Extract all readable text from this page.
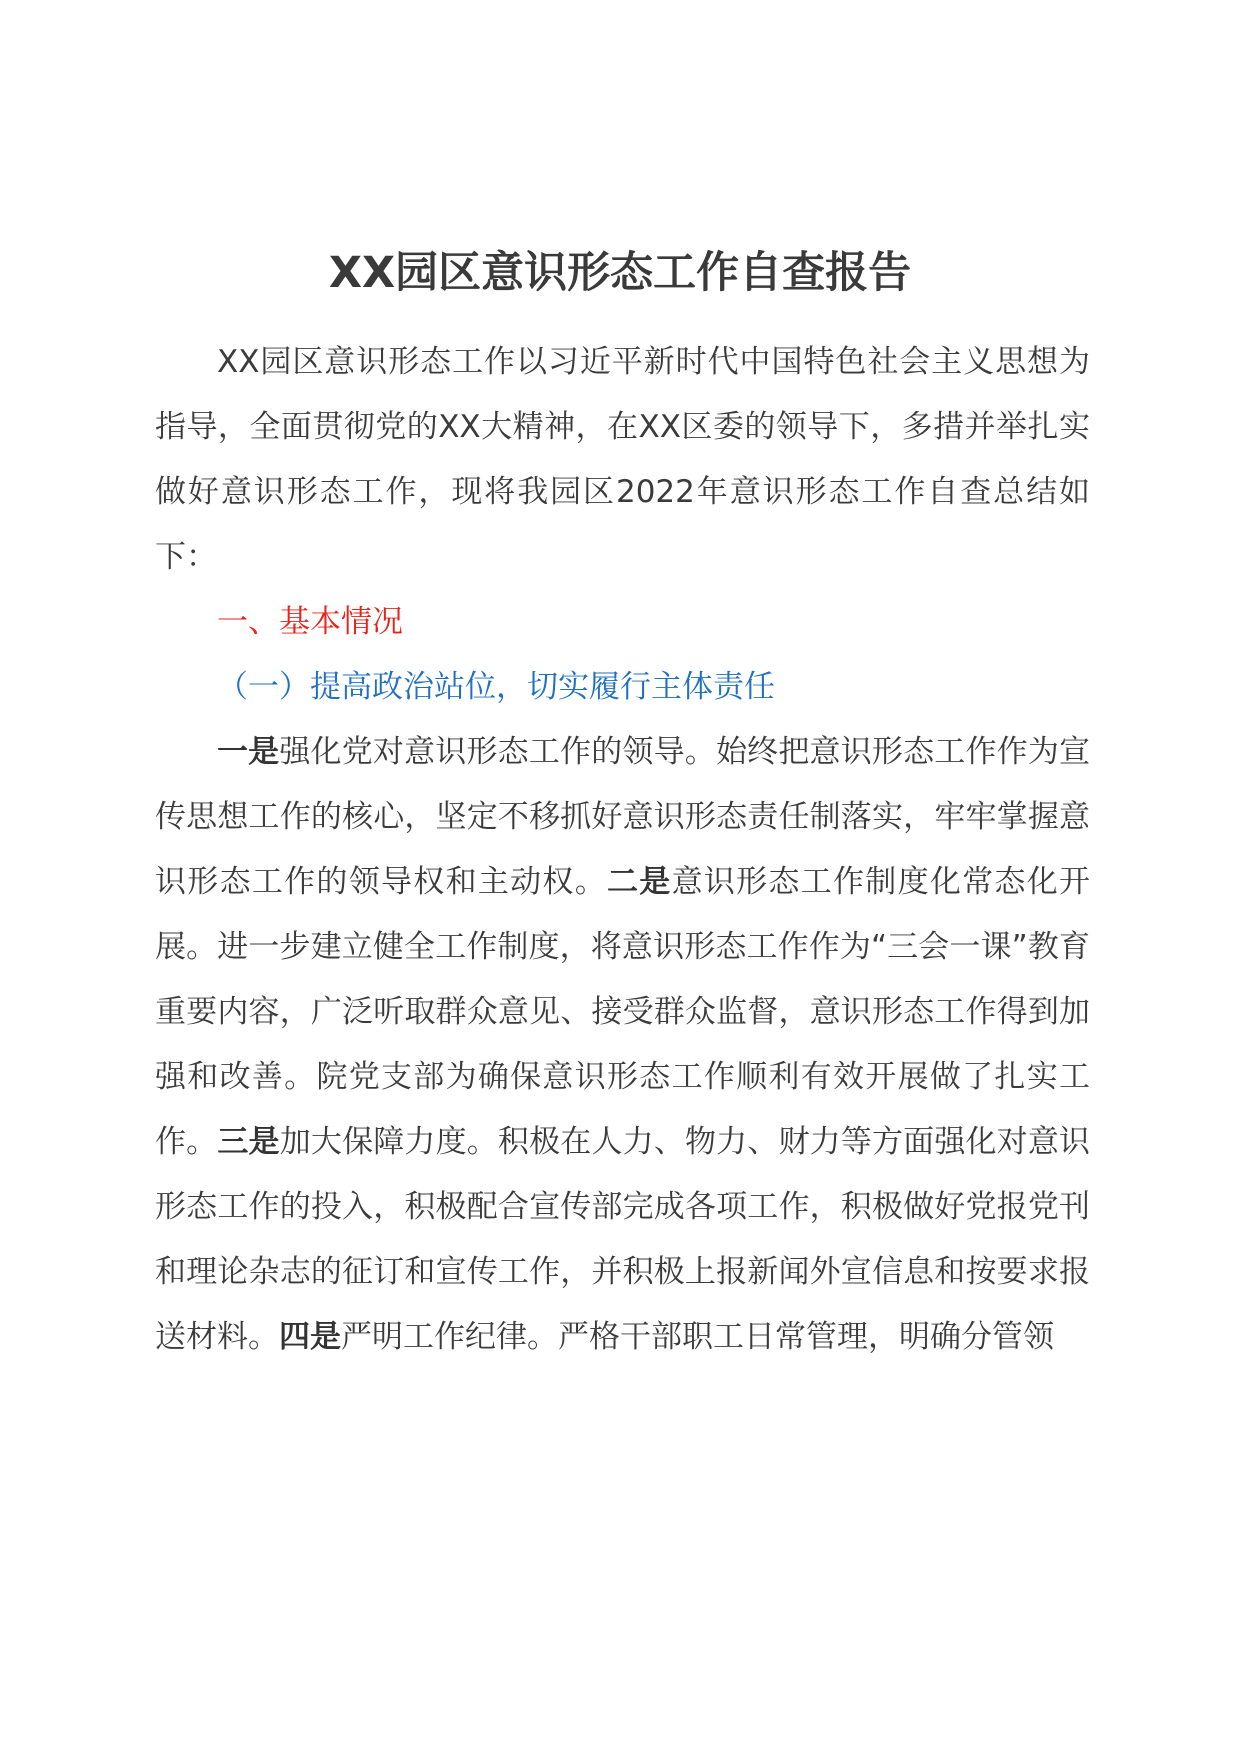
XX园区意识形态工作自查报告

XX园区意识形态工作以习近平新时代中国特色社会主义思想为指导，全面贯彻党的XX大精神，在XX区委的领导下，多措并举扎实做好意识形态工作，现将我园区2022年意识形态工作自查总结如下：

一、基本情况

（一）提高政治站位，切实履行主体责任

一是强化党对意识形态工作的领导。始终把意识形态工作作为宣传思想工作的核心，坚定不移抓好意识形态责任制落实，牢牢掌握意识形态工作的领导权和主动权。二是意识形态工作制度化常态化开展。进一步建立健全工作制度，将意识形态工作作为“三会一课”教育重要内容，广泛听取群众意见、接受群众监督，意识形态工作得到加强和改善。院党支部为确保意识形态工作顺利有效开展做了扎实工作。三是加大保障力度。积极在人力、物力、财力等方面强化对意识形态工作的投入，积极配合宣传部完成各项工作，积极做好党报党刊和理论杂志的征订和宣传工作，并积极上报新闻外宣信息和按要求报送材料。四是严明工作纪律。严格干部职工日常管理，明确分管领
